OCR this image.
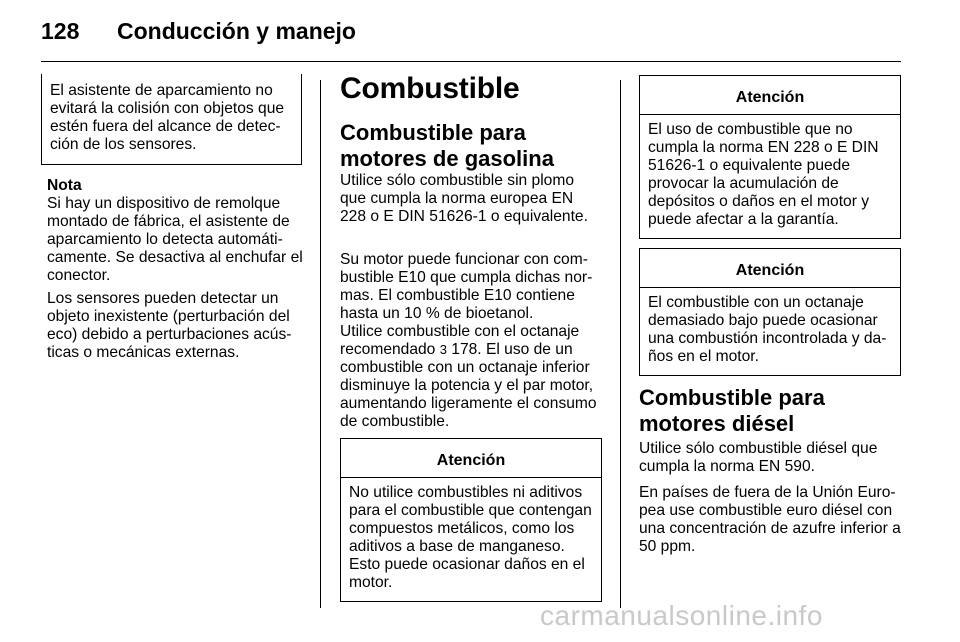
128 Conducción y manejo

El asistente de aparcamiento no evitará la colisión con objetos que estén fuera del alcance de detección de los sensores.

Nota

Si hay un dispositivo de remolque montado de fábrica, el asistente de aparcamiento lo detecta automáticamente. Se desactiva al enchufar el conector.

Los sensores pueden detectar un objeto inexistente (perturbación del eco) debido a perturbaciones acústicas o mecánicas externas.

Combustible

Combustible para motores de gasolina

Utilice sólo combustible sin plomo que cumpla la norma europea EN 228 o E DIN 51626-1 o equivalente.

Su motor puede funcionar con combustible E10 que cumpla dichas normas. El combustible E10 contiene hasta un 10 % de bioetanol.

Utilice combustible con el octanaje recomendado 3 178. El uso de un combustible con un octanaje inferior disminuye la potencia y el par motor, aumentando ligeramente el consumo de combustible.

Atención
No utilice combustibles ni aditivos para el combustible que contengan compuestos metálicos, como los aditivos a base de manganeso. Esto puede ocasionar daños en el motor.
Atención
El uso de combustible que no cumpla la norma EN 228 o E DIN 51626-1 o equivalente puede provocar la acumulación de depósitos o daños en el motor y puede afectar a la garantía.
Atención
El combustible con un octanaje demasiado bajo puede ocasionar una combustión incontrolada y daños en el motor.

Combustible para motores diésel

Utilice sólo combustible diésel que cumpla la norma EN 590.

En países de fuera de la Unión Europea use combustible euro diésel con una concentración de azufre inferior a 50 ppm.

carmanualsonline.info
